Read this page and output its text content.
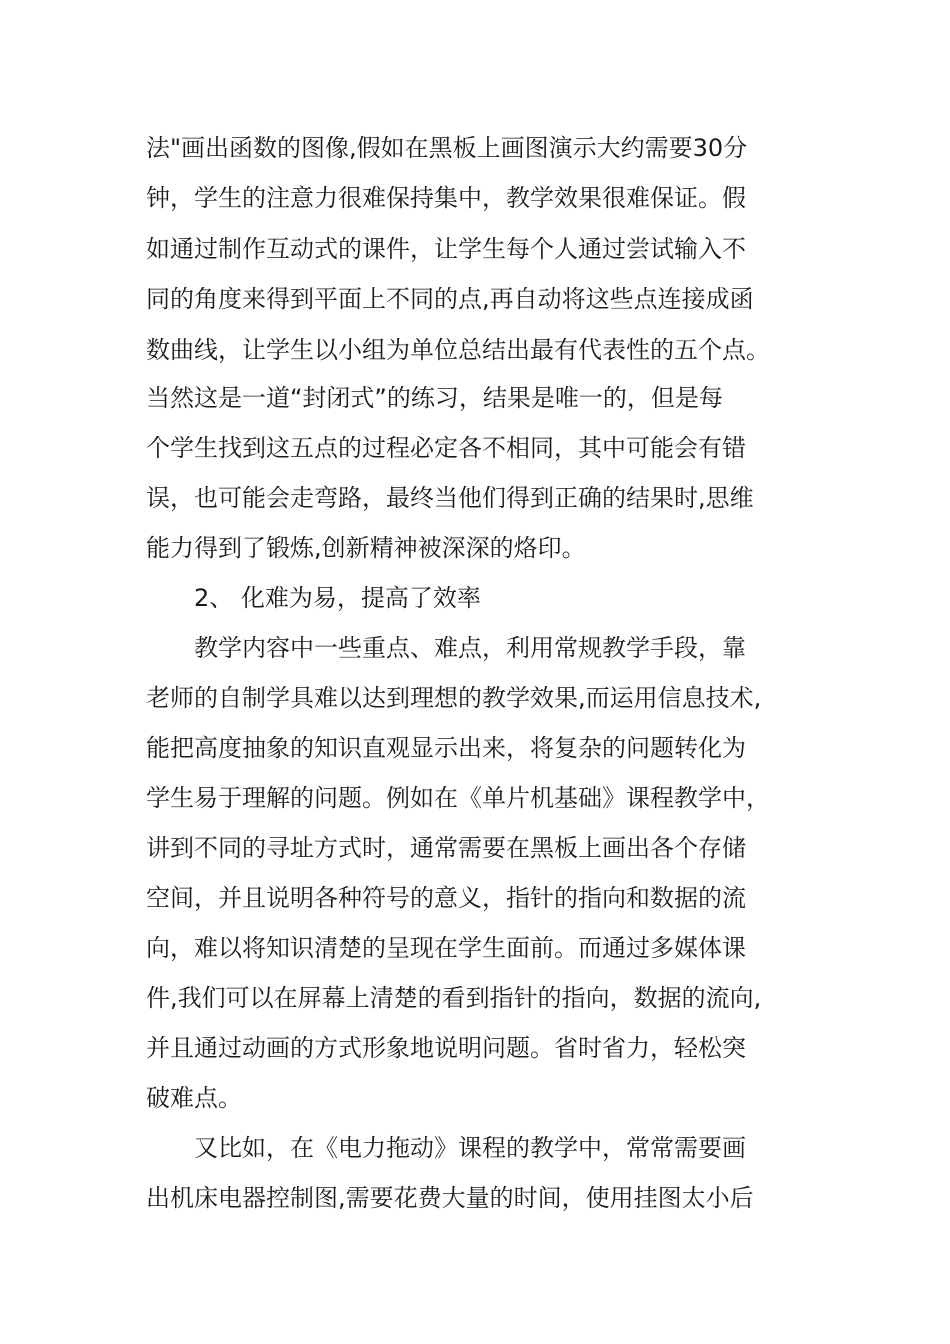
法"画出函数的图像,假如在黑板上画图演示大约需要30分
钟，学生的注意力很难保持集中，教学效果很难保证。假
如通过制作互动式的课件，让学生每个人通过尝试输入不
同的角度来得到平面上不同的点,再自动将这些点连接成函
数曲线，让学生以小组为单位总结出最有代表性的五个点。
当然这是一道“封闭式”的练习，结果是唯一的，但是每
个学生找到这五点的过程必定各不相同，其中可能会有错
误，也可能会走弯路，最终当他们得到正确的结果时,思维
能力得到了锻炼,创新精神被深深的烙印。
2、 化难为易，提高了效率
教学内容中一些重点、难点，利用常规教学手段，靠
老师的自制学具难以达到理想的教学效果,而运用信息技术,
能把高度抽象的知识直观显示出来，将复杂的问题转化为
学生易于理解的问题。例如在《单片机基础》课程教学中，
讲到不同的寻址方式时，通常需要在黑板上画出各个存储
空间，并且说明各种符号的意义，指针的指向和数据的流
向，难以将知识清楚的呈现在学生面前。而通过多媒体课
件,我们可以在屏幕上清楚的看到指针的指向，数据的流向,
并且通过动画的方式形象地说明问题。省时省力，轻松突
破难点。
又比如，在《电力拖动》课程的教学中，常常需要画
出机床电器控制图,需要花费大量的时间，使用挂图太小后
